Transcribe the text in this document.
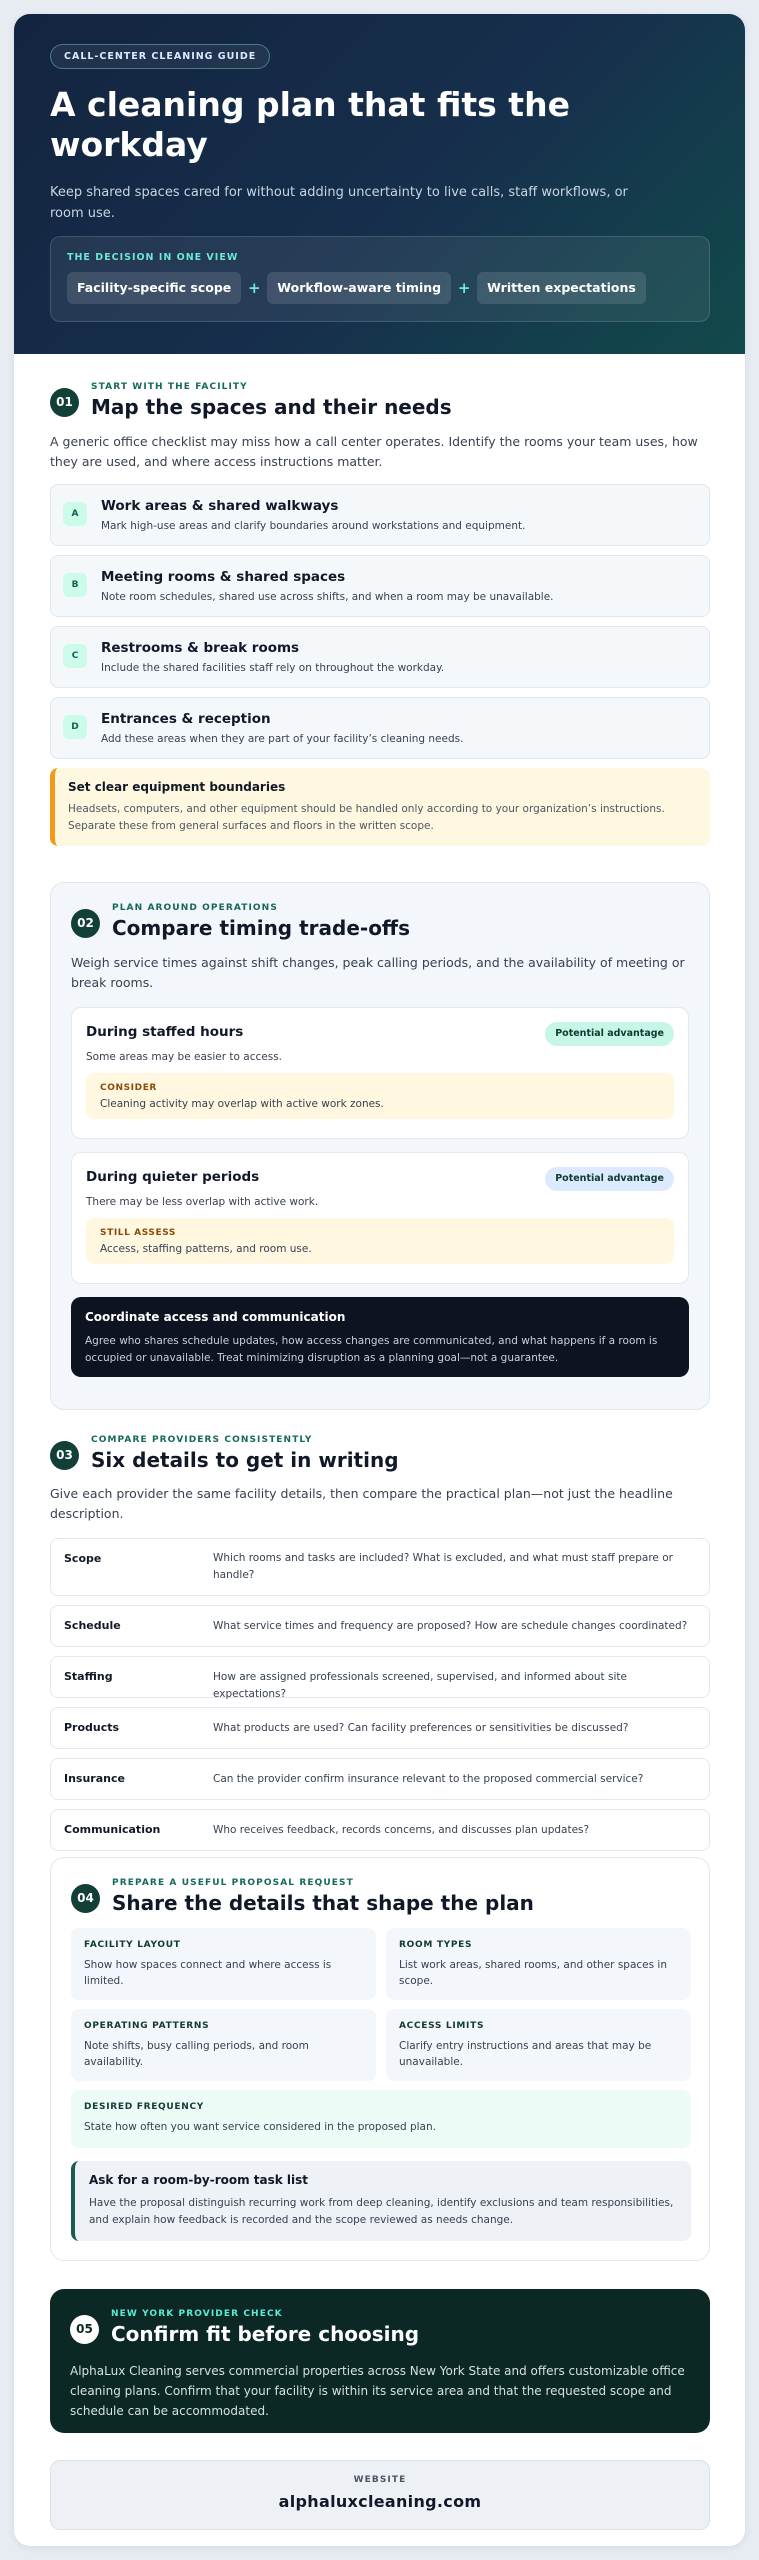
CALL-CENTER CLEANING GUIDE
A cleaning plan that fits the workday

Keep shared spaces cared for without adding uncertainty to live calls, staff workflows, or room use.

THE DECISION IN ONE VIEW
Facility-specific scope	+	Workflow-aware timing	+	Written expectations
01
START WITH THE FACILITY
Map the spaces and their needs

A generic office checklist may miss how a call center operates. Identify the rooms your team uses, how they are used, and where access instructions matter.

A	Work areas & shared walkways
Mark high-use areas and clarify boundaries around workstations and equipment.
B	Meeting rooms & shared spaces
Note room schedules, shared use across shifts, and when a room may be unavailable.
C	Restrooms & break rooms
Include the shared facilities staff rely on throughout the workday.
D	Entrances & reception
Add these areas when they are part of your facility’s cleaning needs.
Set clear equipment boundaries
Headsets, computers, and other equipment should be handled only according to your organization’s instructions. Separate these from general surfaces and floors in the written scope.
02
PLAN AROUND OPERATIONS
Compare timing trade-offs

Weigh service times against shift changes, peak calling periods, and the availability of meeting or break rooms.

During staffed hours	Potential advantage
Some areas may be easier to access.
CONSIDER
Cleaning activity may overlap with active work zones.
During quieter periods	Potential advantage
There may be less overlap with active work.
STILL ASSESS
Access, staffing patterns, and room use.
Coordinate access and communication
Agree who shares schedule updates, how access changes are communicated, and what happens if a room is occupied or unavailable. Treat minimizing disruption as a planning goal—not a guarantee.
03
COMPARE PROVIDERS CONSISTENTLY
Six details to get in writing

Give each provider the same facility details, then compare the practical plan—not just the headline description.

Scope	Which rooms and tasks are included? What is excluded, and what must staff prepare or handle?
Schedule	What service times and frequency are proposed? How are schedule changes coordinated?
Staffing	How are assigned professionals screened, supervised, and informed about site expectations?
Products	What products are used? Can facility preferences or sensitivities be discussed?
Insurance	Can the provider confirm insurance relevant to the proposed commercial service?
Communication	Who receives feedback, records concerns, and discusses plan updates?
04
PREPARE A USEFUL PROPOSAL REQUEST
Share the details that shape the plan
FACILITY LAYOUT
Show how spaces connect and where access is limited.
ROOM TYPES
List work areas, shared rooms, and other spaces in scope.
OPERATING PATTERNS
Note shifts, busy calling periods, and room availability.
ACCESS LIMITS
Clarify entry instructions and areas that may be unavailable.
DESIRED FREQUENCY
State how often you want service considered in the proposed plan.
Ask for a room-by-room task list
Have the proposal distinguish recurring work from deep cleaning, identify exclusions and team responsibilities, and explain how feedback is recorded and the scope reviewed as needs change.
05
NEW YORK PROVIDER CHECK
Confirm fit before choosing

AlphaLux Cleaning serves commercial properties across New York State and offers customizable office cleaning plans. Confirm that your facility is within its service area and that the requested scope and schedule can be accommodated.

WEBSITE
alphaluxcleaning.com
